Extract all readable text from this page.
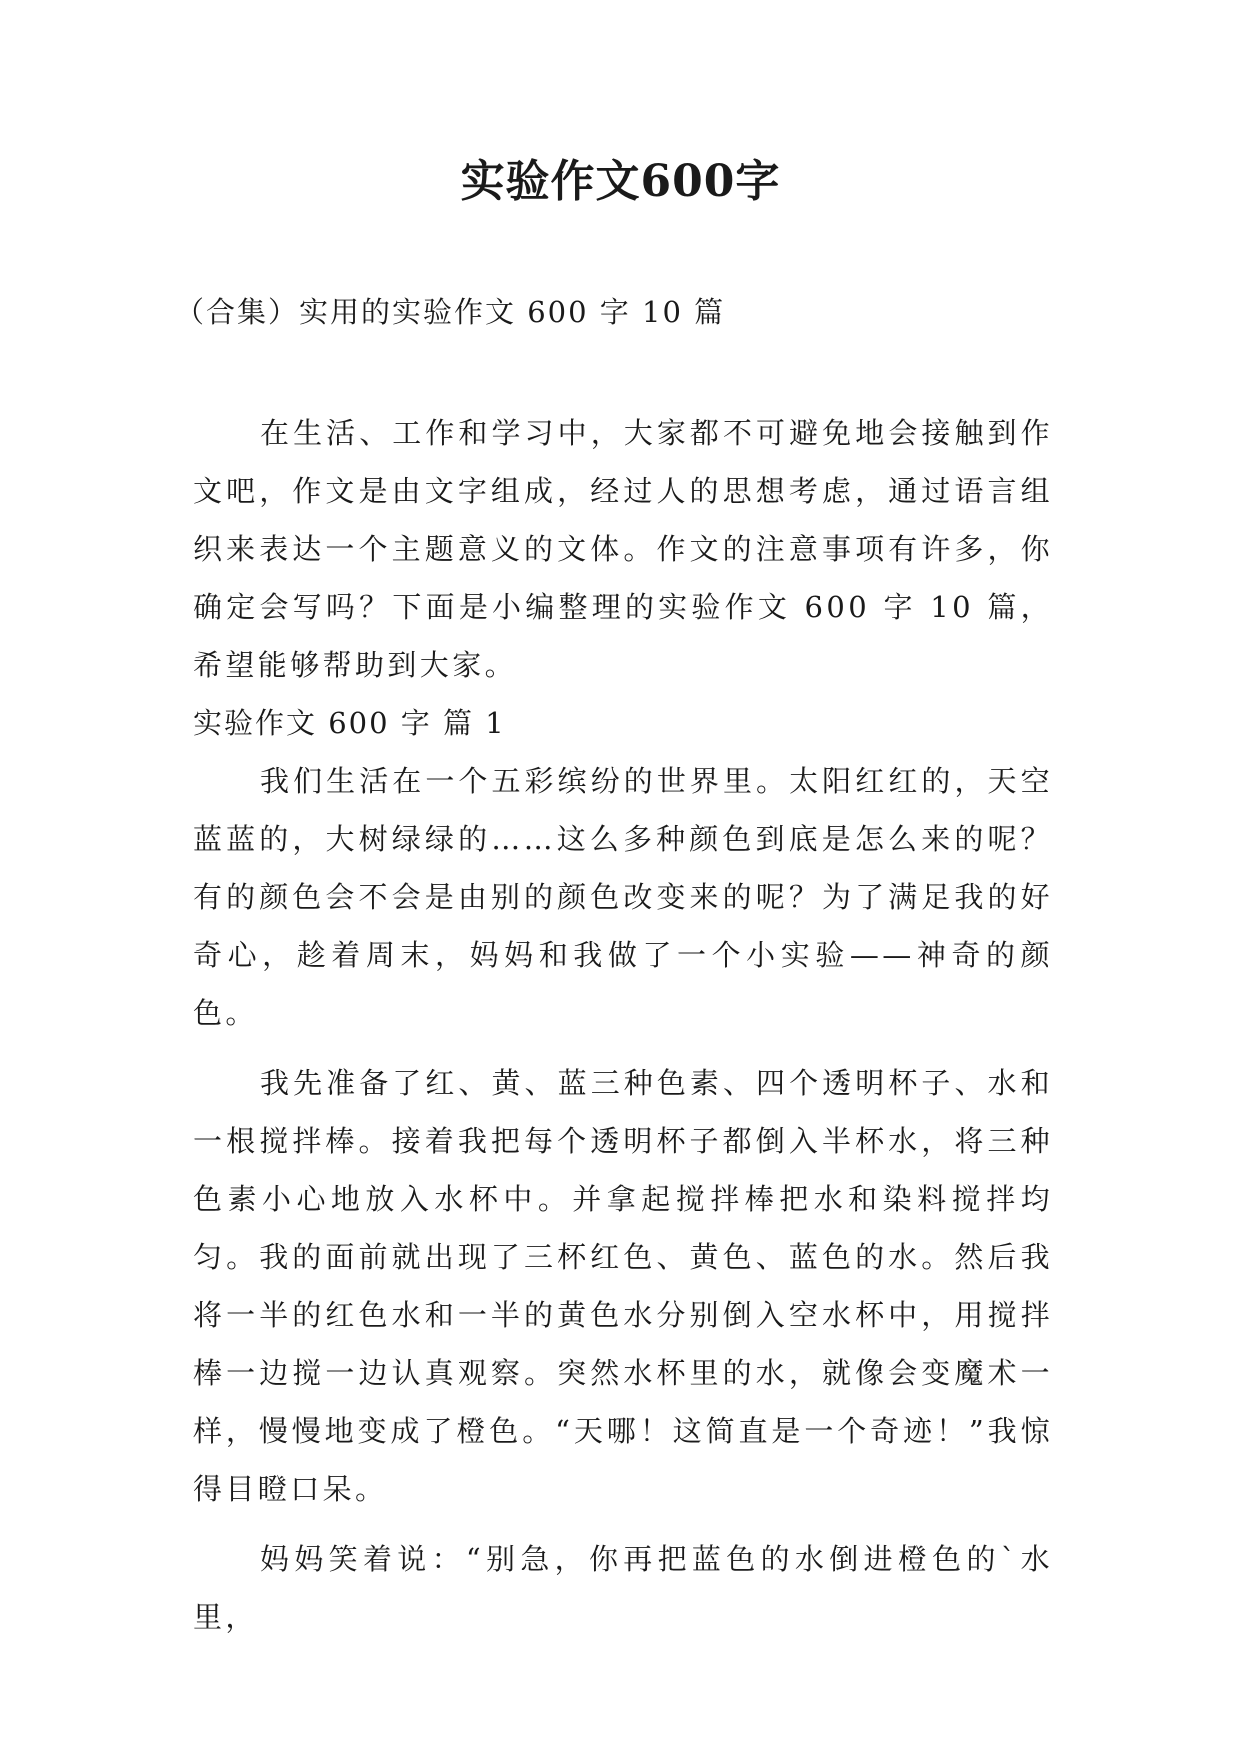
实验作文600字
（合集）实用的实验作文 600 字 10 篇

在生活、工作和学习中，大家都不可避免地会接触到作文吧，作文是由文字组成，经过人的思想考虑，通过语言组织来表达一个主题意义的文体。作文的注意事项有许多，你确定会写吗？下面是小编整理的实验作文 600 字 10 篇，希望能够帮助到大家。

实验作文 600 字 篇 1

我们生活在一个五彩缤纷的世界里。太阳红红的，天空蓝蓝的，大树绿绿的……这么多种颜色到底是怎么来的呢？有的颜色会不会是由别的颜色改变来的呢？为了满足我的好奇心，趁着周末，妈妈和我做了一个小实验——神奇的颜色。

我先准备了红、黄、蓝三种色素、四个透明杯子、水和一根搅拌棒。接着我把每个透明杯子都倒入半杯水，将三种色素小心地放入水杯中。并拿起搅拌棒把水和染料搅拌均匀。我的面前就出现了三杯红色、黄色、蓝色的水。然后我将一半的红色水和一半的黄色水分别倒入空水杯中，用搅拌棒一边搅一边认真观察。突然水杯里的水，就像会变魔术一样，慢慢地变成了橙色。“天哪！这简直是一个奇迹！”我惊得目瞪口呆。

妈妈笑着说：“别急，你再把蓝色的水倒进橙色的`水里，
